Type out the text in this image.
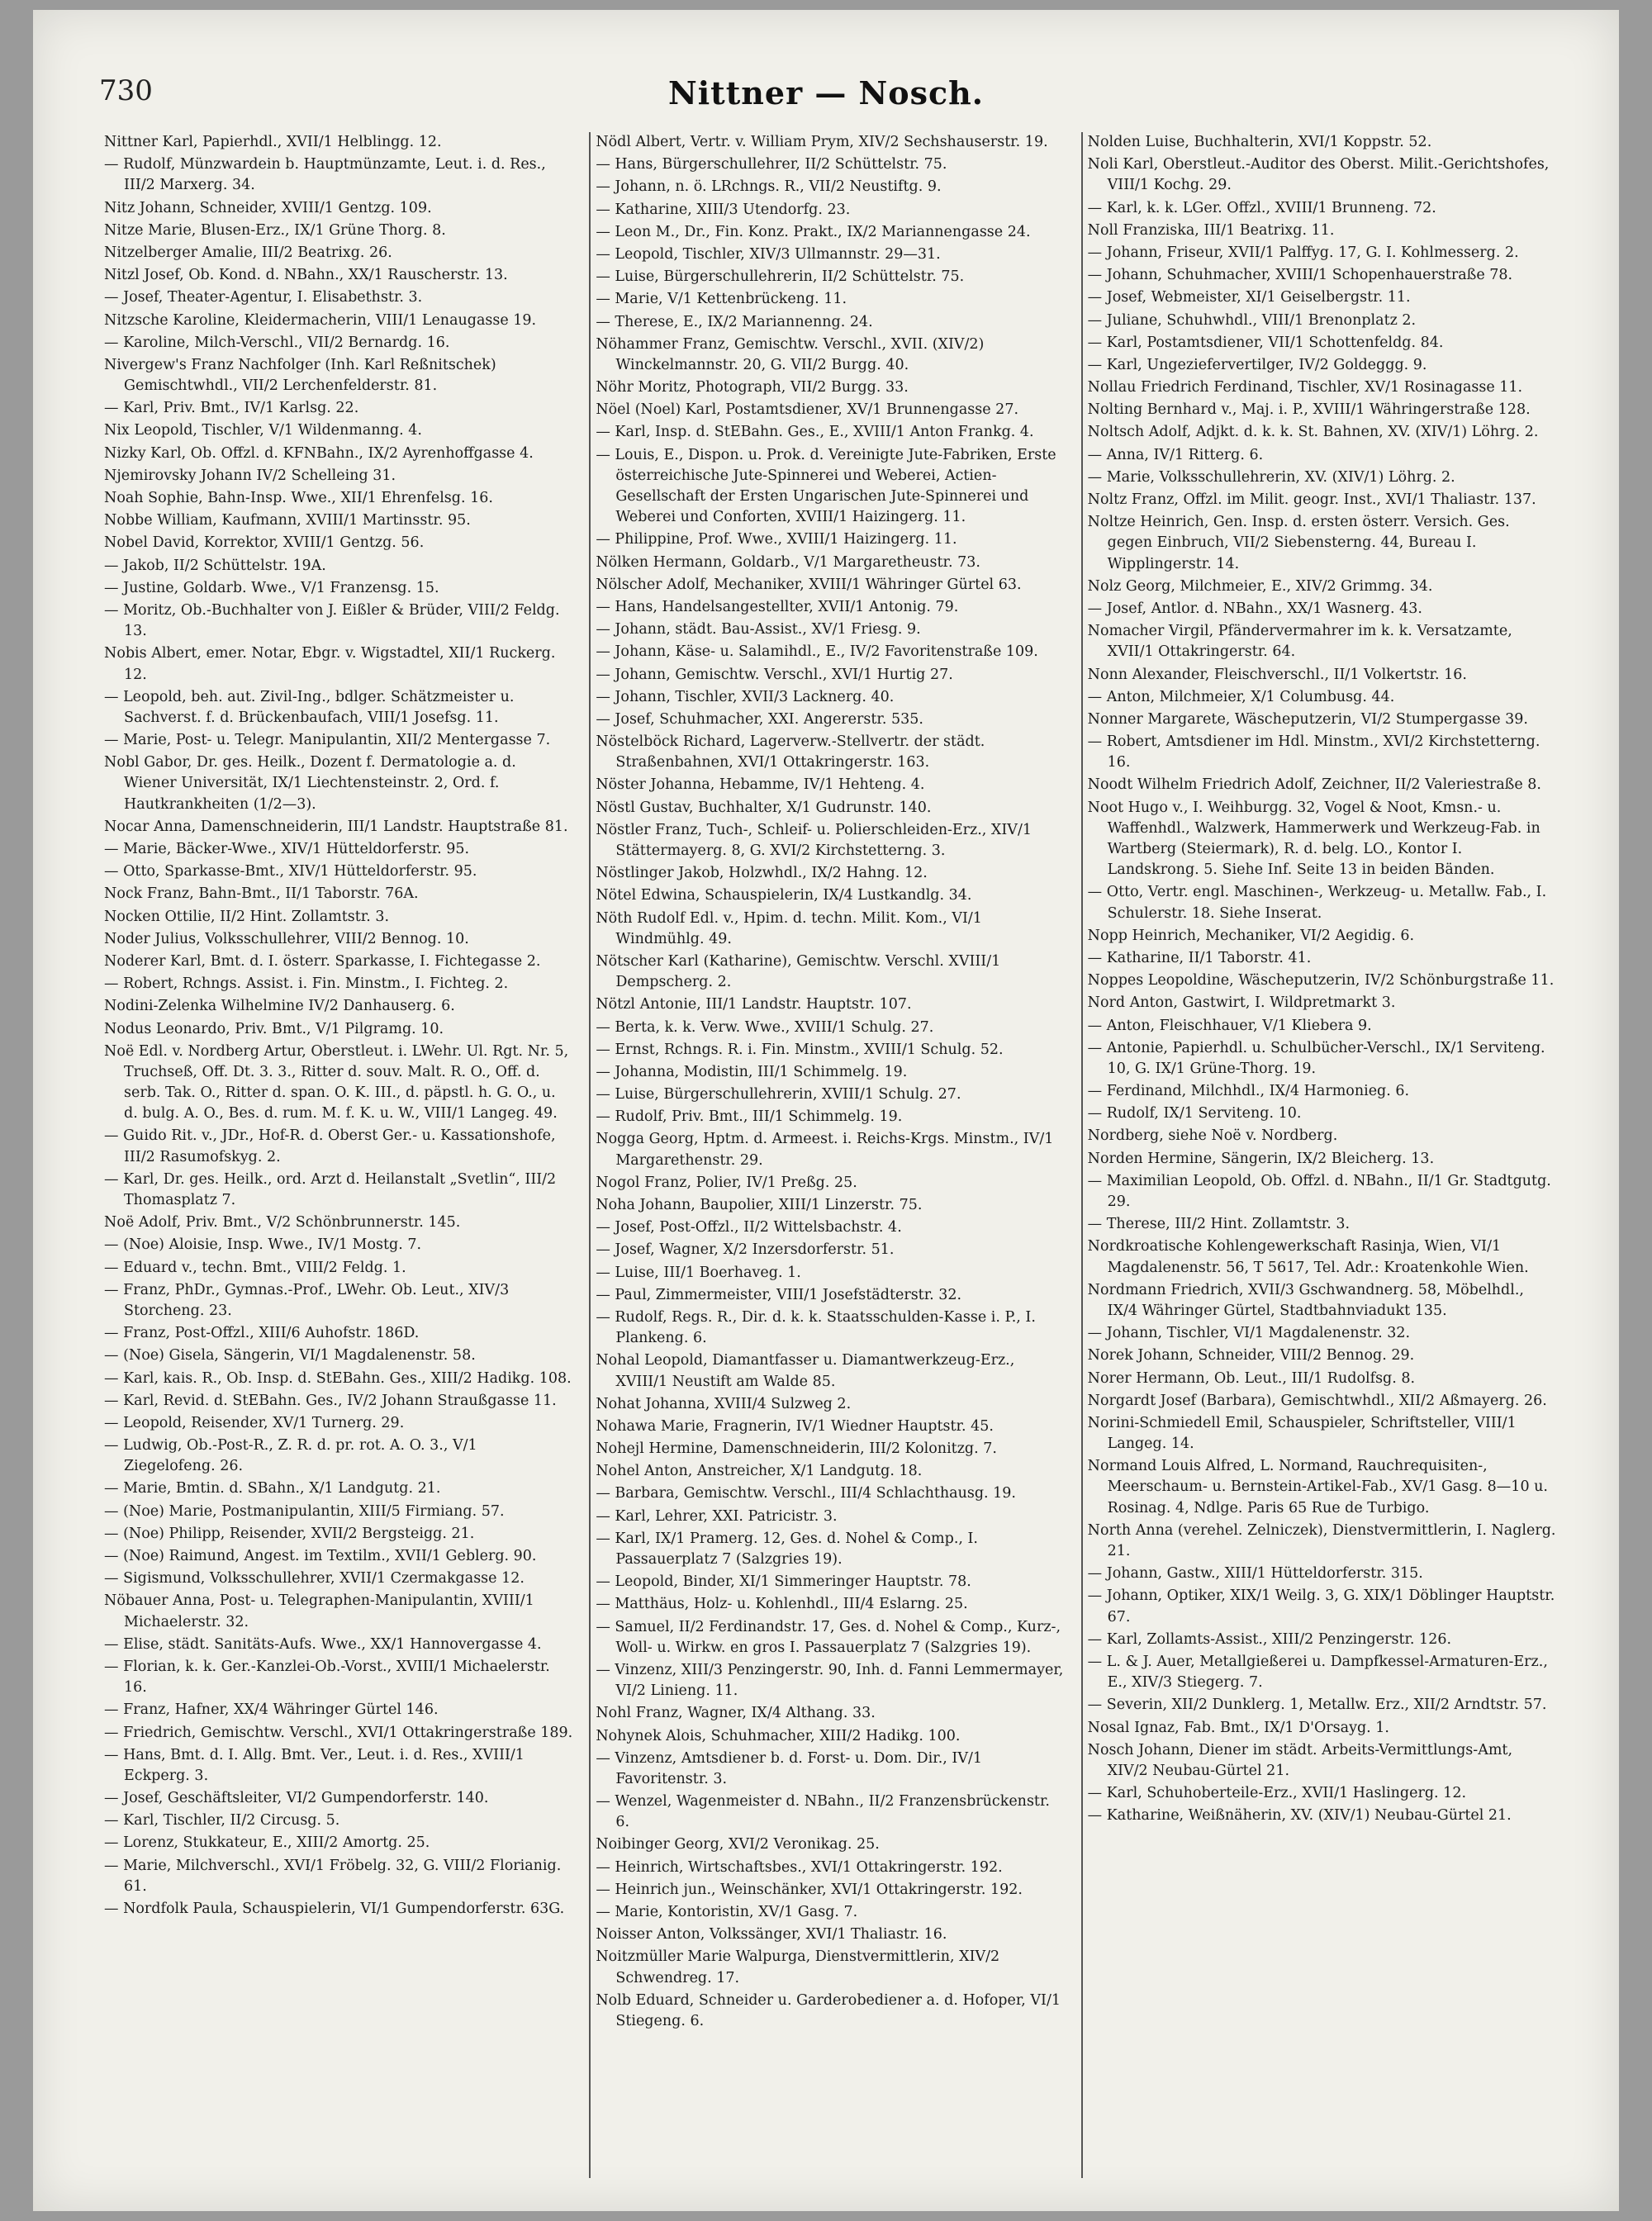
730	Nittner — Nosch.

Nittner Karl, Papierhdl., XVII/1 Helblingg. 12.

— Rudolf, Münzwardein b. Hauptmünzamte, Leut. i. d. Res., III/2 Marxerg. 34.

Nitz Johann, Schneider, XVIII/1 Gentzg. 109.

Nitze Marie, Blusen-Erz., IX/1 Grüne Thorg. 8.

Nitzelberger Amalie, III/2 Beatrixg. 26.

Nitzl Josef, Ob. Kond. d. NBahn., XX/1 Rauscherstr. 13.

— Josef, Theater-Agentur, I. Elisabethstr. 3.

Nitzsche Karoline, Kleidermacherin, VIII/1 Lenaugasse 19.

— Karoline, Milch-Verschl., VII/2 Bernardg. 16.

Nivergew's Franz Nachfolger (Inh. Karl Reßnitschek) Gemischtwhdl., VII/2 Lerchenfelderstr. 81.

— Karl, Priv. Bmt., IV/1 Karlsg. 22.

Nix Leopold, Tischler, V/1 Wildenmanng. 4.

Nizky Karl, Ob. Offzl. d. KFNBahn., IX/2 Ayrenhoffgasse 4.

Njemirovsky Johann IV/2 Schelleing 31.

Noah Sophie, Bahn-Insp. Wwe., XII/1 Ehrenfelsg. 16.

Nobbe William, Kaufmann, XVIII/1 Martinsstr. 95.

Nobel David, Korrektor, XVIII/1 Gentzg. 56.

— Jakob, II/2 Schüttelstr. 19A.

— Justine, Goldarb. Wwe., V/1 Franzensg. 15.

— Moritz, Ob.-Buchhalter von J. Eißler & Brüder, VIII/2 Feldg. 13.

Nobis Albert, emer. Notar, Ebgr. v. Wigstadtel, XII/1 Ruckerg. 12.

— Leopold, beh. aut. Zivil-Ing., bdlger. Schätzmeister u. Sachverst. f. d. Brückenbaufach, VIII/1 Josefsg. 11.

— Marie, Post- u. Telegr. Manipulantin, XII/2 Mentergasse 7.

Nobl Gabor, Dr. ges. Heilk., Dozent f. Dermatologie a. d. Wiener Universität, IX/1 Liechtensteinstr. 2, Ord. f. Hautkrankheiten (1/2—3).

Nocar Anna, Damenschneiderin, III/1 Landstr. Hauptstraße 81.

— Marie, Bäcker-Wwe., XIV/1 Hütteldorferstr. 95.

— Otto, Sparkasse-Bmt., XIV/1 Hütteldorferstr. 95.

Nock Franz, Bahn-Bmt., II/1 Taborstr. 76A.

Nocken Ottilie, II/2 Hint. Zollamtstr. 3.

Noder Julius, Volksschullehrer, VIII/2 Bennog. 10.

Noderer Karl, Bmt. d. I. österr. Sparkasse, I. Fichtegasse 2.

— Robert, Rchngs. Assist. i. Fin. Minstm., I. Fichteg. 2.

Nodini-Zelenka Wilhelmine IV/2 Danhauserg. 6.

Nodus Leonardo, Priv. Bmt., V/1 Pilgramg. 10.

Noë Edl. v. Nordberg Artur, Oberstleut. i. LWehr. Ul. Rgt. Nr. 5, Truchseß, Off. Dt. 3. 3., Ritter d. souv. Malt. R. O., Off. d. serb. Tak. O., Ritter d. span. O. K. III., d. päpstl. h. G. O., u. d. bulg. A. O., Bes. d. rum. M. f. K. u. W., VIII/1 Langeg. 49.

— Guido Rit. v., JDr., Hof-R. d. Oberst Ger.- u. Kassationshofe, III/2 Rasumofskyg. 2.

— Karl, Dr. ges. Heilk., ord. Arzt d. Heilanstalt „Svetlin“, III/2 Thomasplatz 7.

Noë Adolf, Priv. Bmt., V/2 Schönbrunnerstr. 145.

— (Noe) Aloisie, Insp. Wwe., IV/1 Mostg. 7.

— Eduard v., techn. Bmt., VIII/2 Feldg. 1.

— Franz, PhDr., Gymnas.-Prof., LWehr. Ob. Leut., XIV/3 Storcheng. 23.

— Franz, Post-Offzl., XIII/6 Auhofstr. 186D.

— (Noe) Gisela, Sängerin, VI/1 Magdalenenstr. 58.

— Karl, kais. R., Ob. Insp. d. StEBahn. Ges., XIII/2 Hadikg. 108.

— Karl, Revid. d. StEBahn. Ges., IV/2 Johann Straußgasse 11.

— Leopold, Reisender, XV/1 Turnerg. 29.

— Ludwig, Ob.-Post-R., Z. R. d. pr. rot. A. O. 3., V/1 Ziegelofeng. 26.

— Marie, Bmtin. d. SBahn., X/1 Landgutg. 21.

— (Noe) Marie, Postmanipulantin, XIII/5 Firmiang. 57.

— (Noe) Philipp, Reisender, XVII/2 Bergsteigg. 21.

— (Noe) Raimund, Angest. im Textilm., XVII/1 Geblerg. 90.

— Sigismund, Volksschullehrer, XVII/1 Czermakgasse 12.

Nöbauer Anna, Post- u. Telegraphen-Manipulantin, XVIII/1 Michaelerstr. 32.

— Elise, städt. Sanitäts-Aufs. Wwe., XX/1 Hannovergasse 4.

— Florian, k. k. Ger.-Kanzlei-Ob.-Vorst., XVIII/1 Michaelerstr. 16.

— Franz, Hafner, XX/4 Währinger Gürtel 146.

— Friedrich, Gemischtw. Verschl., XVI/1 Ottakringerstraße 189.

— Hans, Bmt. d. I. Allg. Bmt. Ver., Leut. i. d. Res., XVIII/1 Eckperg. 3.

— Josef, Geschäftsleiter, VI/2 Gumpendorferstr. 140.

— Karl, Tischler, II/2 Circusg. 5.

— Lorenz, Stukkateur, E., XIII/2 Amortg. 25.

— Marie, Milchverschl., XVI/1 Fröbelg. 32, G. VIII/2 Florianig. 61.

— Nordfolk Paula, Schauspielerin, VI/1 Gumpendorferstr. 63G.

Nödl Albert, Vertr. v. William Prym, XIV/2 Sechshauserstr. 19.

— Hans, Bürgerschullehrer, II/2 Schüttelstr. 75.

— Johann, n. ö. LRchngs. R., VII/2 Neustiftg. 9.

— Katharine, XIII/3 Utendorfg. 23.

— Leon M., Dr., Fin. Konz. Prakt., IX/2 Mariannengasse 24.

— Leopold, Tischler, XIV/3 Ullmannstr. 29—31.

— Luise, Bürgerschullehrerin, II/2 Schüttelstr. 75.

— Marie, V/1 Kettenbrückeng. 11.

— Therese, E., IX/2 Mariannenng. 24.

Nöhammer Franz, Gemischtw. Verschl., XVII. (XIV/2) Winckelmannstr. 20, G. VII/2 Burgg. 40.

Nöhr Moritz, Photograph, VII/2 Burgg. 33.

Nöel (Noel) Karl, Postamtsdiener, XV/1 Brunnengasse 27.

— Karl, Insp. d. StEBahn. Ges., E., XVIII/1 Anton Frankg. 4.

— Louis, E., Dispon. u. Prok. d. Vereinigte Jute-Fabriken, Erste österreichische Jute-Spinnerei und Weberei, Actien-Gesellschaft der Ersten Ungarischen Jute-Spinnerei und Weberei und Conforten, XVIII/1 Haizingerg. 11.

— Philippine, Prof. Wwe., XVIII/1 Haizingerg. 11.

Nölken Hermann, Goldarb., V/1 Margaretheustr. 73.

Nölscher Adolf, Mechaniker, XVIII/1 Währinger Gürtel 63.

— Hans, Handelsangestellter, XVII/1 Antonig. 79.

— Johann, städt. Bau-Assist., XV/1 Friesg. 9.

— Johann, Käse- u. Salamihdl., E., IV/2 Favoritenstraße 109.

— Johann, Gemischtw. Verschl., XVI/1 Hurtig 27.

— Johann, Tischler, XVII/3 Lacknerg. 40.

— Josef, Schuhmacher, XXI. Angererstr. 535.

Nöstelböck Richard, Lagerverw.-Stellvertr. der städt. Straßenbahnen, XVI/1 Ottakringerstr. 163.

Nöster Johanna, Hebamme, IV/1 Hehteng. 4.

Nöstl Gustav, Buchhalter, X/1 Gudrunstr. 140.

Nöstler Franz, Tuch-, Schleif- u. Polierschleiden-Erz., XIV/1 Stättermayerg. 8, G. XVI/2 Kirchstetterng. 3.

Nöstlinger Jakob, Holzwhdl., IX/2 Hahng. 12.

Nötel Edwina, Schauspielerin, IX/4 Lustkandlg. 34.

Nöth Rudolf Edl. v., Hpim. d. techn. Milit. Kom., VI/1 Windmühlg. 49.

Nötscher Karl (Katharine), Gemischtw. Verschl. XVIII/1 Dempscherg. 2.

Nötzl Antonie, III/1 Landstr. Hauptstr. 107.

— Berta, k. k. Verw. Wwe., XVIII/1 Schulg. 27.

— Ernst, Rchngs. R. i. Fin. Minstm., XVIII/1 Schulg. 52.

— Johanna, Modistin, III/1 Schimmelg. 19.

— Luise, Bürgerschullehrerin, XVIII/1 Schulg. 27.

— Rudolf, Priv. Bmt., III/1 Schimmelg. 19.

Nogga Georg, Hptm. d. Armeest. i. Reichs-Krgs. Minstm., IV/1 Margarethenstr. 29.

Nogol Franz, Polier, IV/1 Preßg. 25.

Noha Johann, Baupolier, XIII/1 Linzerstr. 75.

— Josef, Post-Offzl., II/2 Wittelsbachstr. 4.

— Josef, Wagner, X/2 Inzersdorferstr. 51.

— Luise, III/1 Boerhaveg. 1.

— Paul, Zimmermeister, VIII/1 Josefstädterstr. 32.

— Rudolf, Regs. R., Dir. d. k. k. Staatsschulden-Kasse i. P., I. Plankeng. 6.

Nohal Leopold, Diamantfasser u. Diamantwerkzeug-Erz., XVIII/1 Neustift am Walde 85.

Nohat Johanna, XVIII/4 Sulzweg 2.

Nohawa Marie, Fragnerin, IV/1 Wiedner Hauptstr. 45.

Nohejl Hermine, Damenschneiderin, III/2 Kolonitzg. 7.

Nohel Anton, Anstreicher, X/1 Landgutg. 18.

— Barbara, Gemischtw. Verschl., III/4 Schlachthausg. 19.

— Karl, Lehrer, XXI. Patricistr. 3.

— Karl, IX/1 Pramerg. 12, Ges. d. Nohel & Comp., I. Passauerplatz 7 (Salzgries 19).

— Leopold, Binder, XI/1 Simmeringer Hauptstr. 78.

— Matthäus, Holz- u. Kohlenhdl., III/4 Eslarng. 25.

— Samuel, II/2 Ferdinandstr. 17, Ges. d. Nohel & Comp., Kurz-, Woll- u. Wirkw. en gros I. Passauerplatz 7 (Salzgries 19).

— Vinzenz, XIII/3 Penzingerstr. 90, Inh. d. Fanni Lemmermayer, VI/2 Linieng. 11.

Nohl Franz, Wagner, IX/4 Althang. 33.

Nohynek Alois, Schuhmacher, XIII/2 Hadikg. 100.

— Vinzenz, Amtsdiener b. d. Forst- u. Dom. Dir., IV/1 Favoritenstr. 3.

— Wenzel, Wagenmeister d. NBahn., II/2 Franzensbrückenstr. 6.

Noibinger Georg, XVI/2 Veronikag. 25.

— Heinrich, Wirtschaftsbes., XVI/1 Ottakringerstr. 192.

— Heinrich jun., Weinschänker, XVI/1 Ottakringerstr. 192.

— Marie, Kontoristin, XV/1 Gasg. 7.

Noisser Anton, Volkssänger, XVI/1 Thaliastr. 16.

Noitzmüller Marie Walpurga, Dienstvermittlerin, XIV/2 Schwendreg. 17.

Nolb Eduard, Schneider u. Garderobediener a. d. Hofoper, VI/1 Stiegeng. 6.

Nolden Luise, Buchhalterin, XVI/1 Koppstr. 52.

Noli Karl, Oberstleut.-Auditor des Oberst. Milit.-Gerichtshofes, VIII/1 Kochg. 29.

— Karl, k. k. LGer. Offzl., XVIII/1 Brunneng. 72.

Noll Franziska, III/1 Beatrixg. 11.

— Johann, Friseur, XVII/1 Palffyg. 17, G. I. Kohlmesserg. 2.

— Johann, Schuhmacher, XVIII/1 Schopenhauerstraße 78.

— Josef, Webmeister, XI/1 Geiselbergstr. 11.

— Juliane, Schuhwhdl., VIII/1 Brenonplatz 2.

— Karl, Postamtsdiener, VII/1 Schottenfeldg. 84.

— Karl, Ungeziefervertilger, IV/2 Goldeggg. 9.

Nollau Friedrich Ferdinand, Tischler, XV/1 Rosinagasse 11.

Nolting Bernhard v., Maj. i. P., XVIII/1 Währingerstraße 128.

Noltsch Adolf, Adjkt. d. k. k. St. Bahnen, XV. (XIV/1) Löhrg. 2.

— Anna, IV/1 Ritterg. 6.

— Marie, Volksschullehrerin, XV. (XIV/1) Löhrg. 2.

Noltz Franz, Offzl. im Milit. geogr. Inst., XVI/1 Thaliastr. 137.

Noltze Heinrich, Gen. Insp. d. ersten österr. Versich. Ges. gegen Einbruch, VII/2 Siebensterng. 44, Bureau I. Wipplingerstr. 14.

Nolz Georg, Milchmeier, E., XIV/2 Grimmg. 34.

— Josef, Antlor. d. NBahn., XX/1 Wasnerg. 43.

Nomacher Virgil, Pfändervermahrer im k. k. Versatzamte, XVII/1 Ottakringerstr. 64.

Nonn Alexander, Fleischverschl., II/1 Volkertstr. 16.

— Anton, Milchmeier, X/1 Columbusg. 44.

Nonner Margarete, Wäscheputzerin, VI/2 Stumpergasse 39.

— Robert, Amtsdiener im Hdl. Minstm., XVI/2 Kirchstetterng. 16.

Noodt Wilhelm Friedrich Adolf, Zeichner, II/2 Valeriestraße 8.

Noot Hugo v., I. Weihburgg. 32, Vogel & Noot, Kmsn.- u. Waffenhdl., Walzwerk, Hammerwerk und Werkzeug-Fab. in Wartberg (Steiermark), R. d. belg. LO., Kontor I. Landskrong. 5. Siehe Inf. Seite 13 in beiden Bänden.

— Otto, Vertr. engl. Maschinen-, Werkzeug- u. Metallw. Fab., I. Schulerstr. 18. Siehe Inserat.

Nopp Heinrich, Mechaniker, VI/2 Aegidig. 6.

— Katharine, II/1 Taborstr. 41.

Noppes Leopoldine, Wäscheputzerin, IV/2 Schönburgstraße 11.

Nord Anton, Gastwirt, I. Wildpretmarkt 3.

— Anton, Fleischhauer, V/1 Kliebera 9.

— Antonie, Papierhdl. u. Schulbücher-Verschl., IX/1 Serviteng. 10, G. IX/1 Grüne-Thorg. 19.

— Ferdinand, Milchhdl., IX/4 Harmonieg. 6.

— Rudolf, IX/1 Serviteng. 10.

Nordberg, siehe Noë v. Nordberg.

Norden Hermine, Sängerin, IX/2 Bleicherg. 13.

— Maximilian Leopold, Ob. Offzl. d. NBahn., II/1 Gr. Stadtgutg. 29.

— Therese, III/2 Hint. Zollamtstr. 3.

Nordkroatische Kohlengewerkschaft Rasinja, Wien, VI/1 Magdalenenstr. 56, T 5617, Tel. Adr.: Kroatenkohle Wien.

Nordmann Friedrich, XVII/3 Gschwandnerg. 58, Möbelhdl., IX/4 Währinger Gürtel, Stadtbahnviadukt 135.

— Johann, Tischler, VI/1 Magdalenenstr. 32.

Norek Johann, Schneider, VIII/2 Bennog. 29.

Norer Hermann, Ob. Leut., III/1 Rudolfsg. 8.

Norgardt Josef (Barbara), Gemischtwhdl., XII/2 Aßmayerg. 26.

Norini-Schmiedell Emil, Schauspieler, Schriftsteller, VIII/1 Langeg. 14.

Normand Louis Alfred, L. Normand, Rauchrequisiten-, Meerschaum- u. Bernstein-Artikel-Fab., XV/1 Gasg. 8—10 u. Rosinag. 4, Ndlge. Paris 65 Rue de Turbigo.

North Anna (verehel. Zelniczek), Dienstvermittlerin, I. Naglerg. 21.

— Johann, Gastw., XIII/1 Hütteldorferstr. 315.

— Johann, Optiker, XIX/1 Weilg. 3, G. XIX/1 Döblinger Hauptstr. 67.

— Karl, Zollamts-Assist., XIII/2 Penzingerstr. 126.

— L. & J. Auer, Metallgießerei u. Dampfkessel-Armaturen-Erz., E., XIV/3 Stiegerg. 7.

— Severin, XII/2 Dunklerg. 1, Metallw. Erz., XII/2 Arndtstr. 57.

Nosal Ignaz, Fab. Bmt., IX/1 D'Orsayg. 1.

Nosch Johann, Diener im städt. Arbeits-Vermittlungs-Amt, XIV/2 Neubau-Gürtel 21.

— Karl, Schuhoberteile-Erz., XVII/1 Haslingerg. 12.

— Katharine, Weißnäherin, XV. (XIV/1) Neubau-Gürtel 21.
